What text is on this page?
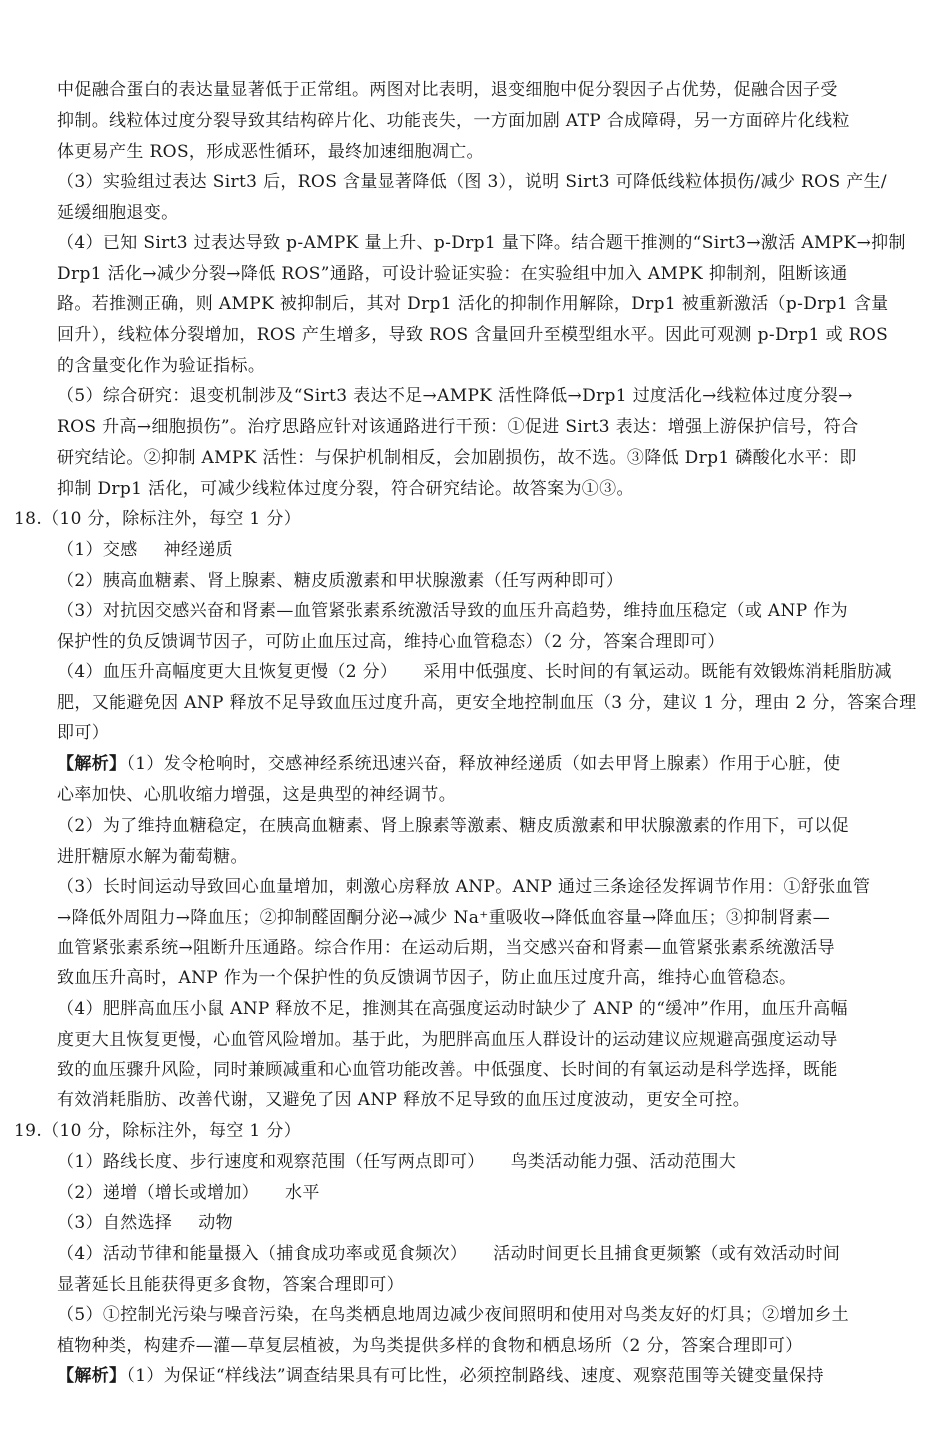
中促融合蛋白的表达量显著低于正常组。两图对比表明，退变细胞中促分裂因子占优势，促融合因子受
抑制。线粒体过度分裂导致其结构碎片化、功能丧失，一方面加剧 ATP 合成障碍，另一方面碎片化线粒
体更易产生 ROS，形成恶性循环，最终加速细胞凋亡。
（3）实验组过表达 Sirt3 后，ROS 含量显著降低（图 3），说明 Sirt3 可降低线粒体损伤/减少 ROS 产生/
延缓细胞退变。
（4）已知 Sirt3 过表达导致 p-AMPK 量上升、p-Drp1 量下降。结合题干推测的“Sirt3→激活 AMPK→抑制
Drp1 活化→减少分裂→降低 ROS”通路，可设计验证实验：在实验组中加入 AMPK 抑制剂，阻断该通
路。若推测正确，则 AMPK 被抑制后，其对 Drp1 活化的抑制作用解除，Drp1 被重新激活（p-Drp1 含量
回升），线粒体分裂增加，ROS 产生增多，导致 ROS 含量回升至模型组水平。因此可观测 p-Drp1 或 ROS
的含量变化作为验证指标。
（5）综合研究：退变机制涉及“Sirt3 表达不足→AMPK 活性降低→Drp1 过度活化→线粒体过度分裂→
ROS 升高→细胞损伤”。治疗思路应针对该通路进行干预：①促进 Sirt3 表达：增强上游保护信号，符合
研究结论。②抑制 AMPK 活性：与保护机制相反，会加剧损伤，故不选。③降低 Drp1 磷酸化水平：即
抑制 Drp1 活化，可减少线粒体过度分裂，符合研究结论。故答案为①③。
18.（10 分，除标注外，每空 1 分）
（1）交感 神经递质
（2）胰高血糖素、肾上腺素、糖皮质激素和甲状腺激素（任写两种即可）
（3）对抗因交感兴奋和肾素—血管紧张素系统激活导致的血压升高趋势，维持血压稳定（或 ANP 作为
保护性的负反馈调节因子，可防止血压过高，维持心血管稳态）（2 分，答案合理即可）
（4）血压升高幅度更大且恢复更慢（2 分） 采用中低强度、长时间的有氧运动。既能有效锻炼消耗脂肪减
肥，又能避免因 ANP 释放不足导致血压过度升高，更安全地控制血压（3 分，建议 1 分，理由 2 分，答案合理
即可）
【解析】（1）发令枪响时，交感神经系统迅速兴奋，释放神经递质（如去甲肾上腺素）作用于心脏，使
心率加快、心肌收缩力增强，这是典型的神经调节。
（2）为了维持血糖稳定，在胰高血糖素、肾上腺素等激素、糖皮质激素和甲状腺激素的作用下，可以促
进肝糖原水解为葡萄糖。
（3）长时间运动导致回心血量增加，刺激心房释放 ANP。ANP 通过三条途径发挥调节作用：①舒张血管
→降低外周阻力→降血压；②抑制醛固酮分泌→减少 Na⁺重吸收→降低血容量→降血压；③抑制肾素—
血管紧张素系统→阻断升压通路。综合作用：在运动后期，当交感兴奋和肾素—血管紧张素系统激活导
致血压升高时，ANP 作为一个保护性的负反馈调节因子，防止血压过度升高，维持心血管稳态。
（4）肥胖高血压小鼠 ANP 释放不足，推测其在高强度运动时缺少了 ANP 的“缓冲”作用，血压升高幅
度更大且恢复更慢，心血管风险增加。基于此，为肥胖高血压人群设计的运动建议应规避高强度运动导
致的血压骤升风险，同时兼顾减重和心血管功能改善。中低强度、长时间的有氧运动是科学选择，既能
有效消耗脂肪、改善代谢，又避免了因 ANP 释放不足导致的血压过度波动，更安全可控。
19.（10 分，除标注外，每空 1 分）
（1）路线长度、步行速度和观察范围（任写两点即可） 鸟类活动能力强、活动范围大
（2）递增（增长或增加） 水平
（3）自然选择 动物
（4）活动节律和能量摄入（捕食成功率或觅食频次） 活动时间更长且捕食更频繁（或有效活动时间
显著延长且能获得更多食物，答案合理即可）
（5）①控制光污染与噪音污染，在鸟类栖息地周边减少夜间照明和使用对鸟类友好的灯具；②增加乡土
植物种类，构建乔—灌—草复层植被，为鸟类提供多样的食物和栖息场所（2 分，答案合理即可）
【解析】（1）为保证“样线法”调查结果具有可比性，必须控制路线、速度、观察范围等关键变量保持
